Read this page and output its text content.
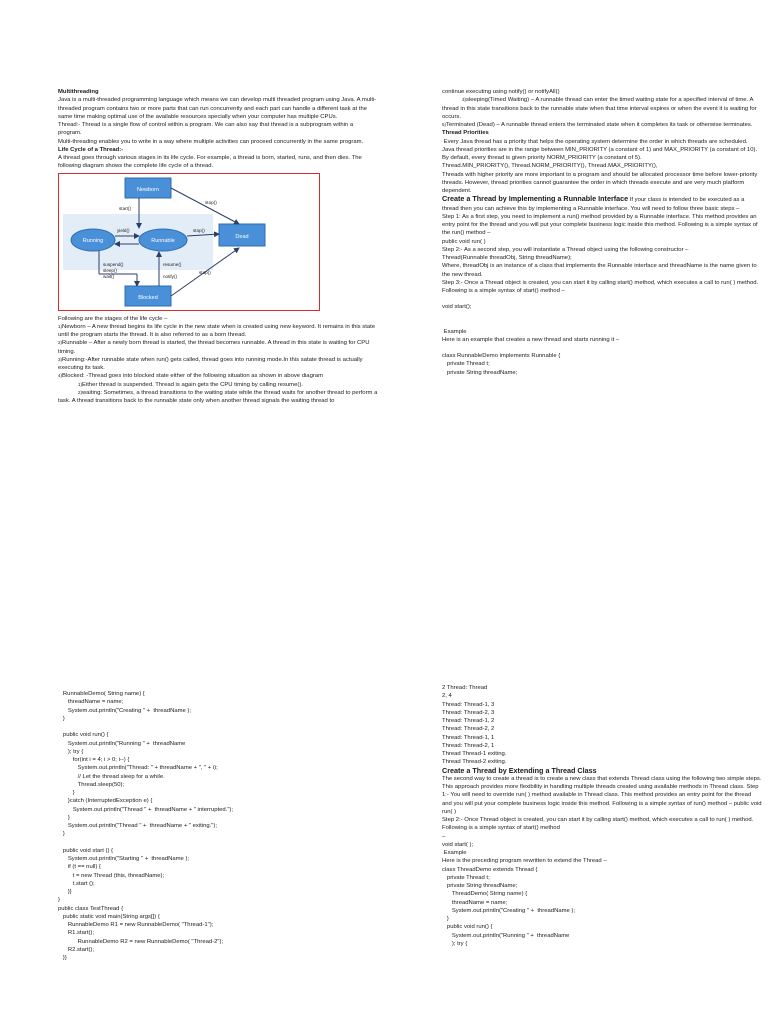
Multithreading
Java is a multi-threaded programming language which means we can develop multi threaded program using Java. A multi-threaded program contains two or more parts that can run concurrently and each part can handle a different task at the same time making optimal use of the available resources specially when your computer has multiple CPUs.
Thread:- Thread is a single flow of control within a program. We can also say that thread is a subprogram within a program.
Multi-threading enables you to write in a way where multiple activities can proceed concurrently in the same program.
Life Cycle of a Thread:-
A thread goes through various stages in its life cycle. For example, a thread is born, started, runs, and then dies. The following diagram shows the complete life cycle of a thread.

Newborn
Running	Runnable
Dead
Blocked
start()
stop()
yield()	stop()
suspend()
sleep()
wait()
resume()
notify()
stop()

Following are the stages of the life cycle –
1)Newborn – A new thread begins its life cycle in the new state when is created using new keyword. It remains in this state until the program starts the thread. It is also referred to as a born thread.
2)Runnable – After a newly born thread is started, the thread becomes runnable. A thread in this state is waiting for CPU timing.
3)Running:-After runnable state when run() gets called, thread goes into running mode.In this satate thread is actually executing its task.
4)Blocked: -Thread goes into blocked state either of the following situation as shown in above diagram
1)Either thread is suspended. Thread is again gets the CPU timing by calling resume().
2)waiting: Sometimes, a thread transitions to the waiting state while the thread waits for another thread to perform a task. A thread transitions back to the runnable state only when another thread signals the waiting thread to
continue executing using notify() or notifyAll()
3)sleeping(Timed Waiting) – A runnable thread can enter the timed waiting state for a specified interval of time. A thread in this state transitions back to the runnable state when that time interval expires or when the event it is waiting for occurs.
5)Terminated (Dead) – A runnable thread enters the terminated state when it completes its task or otherwise terminates.
Thread Priorities
Every Java thread has a priority that helps the operating system determine the order in which threads are scheduled.
Java thread priorities are in the range between MIN_PRIORITY (a constant of 1) and MAX_PRIORITY (a constant of 10). By default, every thread is given priority NORM_PRIORITY (a constant of 5).
Thread.MIN_PRIORITY(), Thread.NORM_PRIORITY(), Thread.MAX_PRIORITY(),
Threads with higher priority are more important to a program and should be allocated processor time before lower-priority threads. However, thread priorities cannot guarantee the order in which threads execute and are very much platform dependent.
Create a Thread by Implementing a Runnable Interface If your class is intended to be executed as a thread then you can achieve this by implementing a Runnable interface. You will need to follow three basic steps –
Step 1: As a first step, you need to implement a run() method provided by a Runnable interface. This method provides an entry point for the thread and you will put your complete business logic inside this method. Following is a simple syntax of the run() method –
public void run( )
Step 2:- As a second step, you will instantiate a Thread object using the following constructor –
Thread(Runnable threadObj, String threadName);
Where, threadObj is an instance of a class that implements the Runnable interface and threadName is the name given to the new thread.
Step 3:- Once a Thread object is created, you can start it by calling start() method, which executes a call to run( ) method. Following is a simple syntax of start() method –
void start();
Example
Here is an example that creates a new thread and starts running it –
class RunnableDemo implements Runnable {
private Thread t;
private String threadName;
RunnableDemo( String name) {
threadName = name;
System.out.println("Creating " +  threadName );
}
public void run() {
System.out.println("Running " +  threadName
); try {
for(int i = 4; i > 0; i--) {
System.out.println("Thread: " + threadName + ", " + i);
// Let the thread sleep for a while.
Thread.sleep(50);
}
}catch (InterruptedException e) {
System.out.println("Thread " +  threadName + " interrupted.");
}
System.out.println("Thread " +  threadName + " exiting.");
}
public void start () {
System.out.println("Starting " +  threadName );
if (t == null) {
t = new Thread (this, threadName);
t.start ();
}}
}
public class TestThread {
public static void main(String args[]) {
RunnableDemo R1 = new RunnableDemo( "Thread-1");
R1.start();
RunnableDemo R2 = new RunnableDemo( "Thread-2");
R2.start();
}}
2 Thread: Thread
2, 4
Thread: Thread-1, 3
Thread: Thread-2, 3
Thread: Thread-1, 2
Thread: Thread-2, 2
Thread: Thread-1, 1
Thread: Thread-2, 1
Thread Thread-1 exiting.
Thread Thread-2 exiting.
Create a Thread by Extending a Thread Class
The second way to create a thread is to create a new class that extends Thread class using the following two simple steps. This approach provides more flexibility in handling multiple threads created using available methods in Thread class. Step 1:- You will need to override run( ) method available in Thread class. This method provides an entry point for the thread and you will put your complete business logic inside this method. Following is a simple syntax of run() method – public void run( )
Step 2:- Once Thread object is created, you can start it by calling start() method, which executes a call to run( ) method. Following is a simple syntax of start() method
–
void start( );
Example
Here is the preceding program rewritten to extend the Thread –
class ThreadDemo extends Thread {
private Thread t;
private String threadName;
ThreadDemo( String name) {
threadName = name;
System.out.println("Creating " +  threadName );
}
public void run() {
System.out.println("Running " +  threadName
); try {
